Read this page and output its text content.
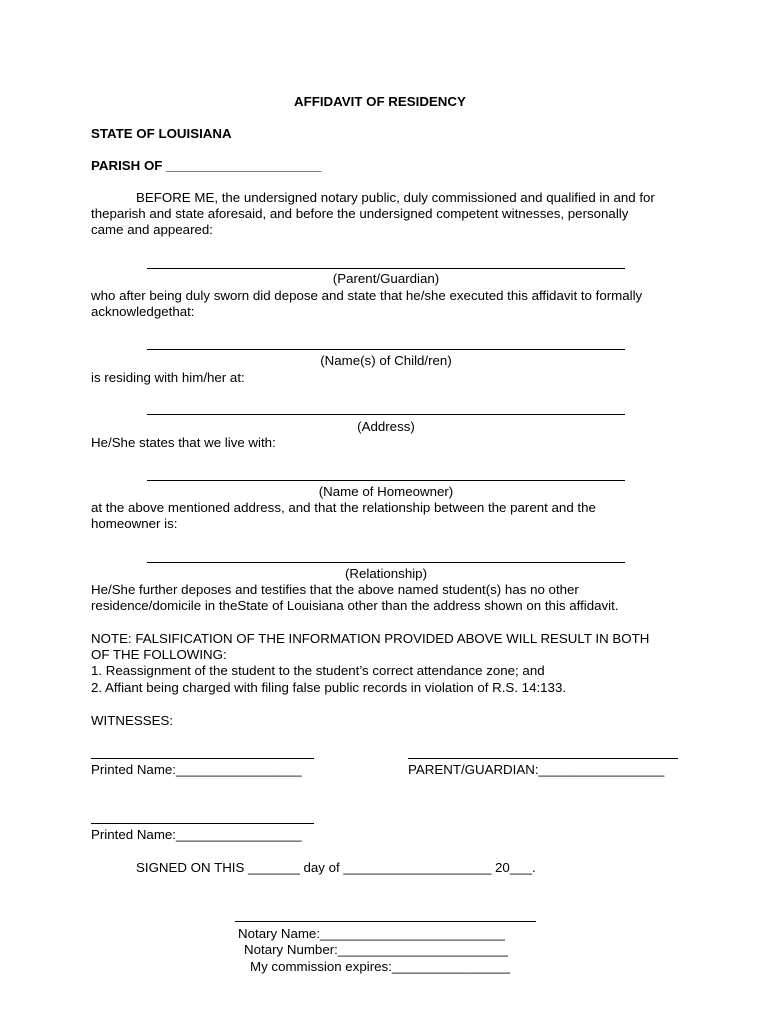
AFFIDAVIT OF RESIDENCY
STATE OF LOUISIANA
PARISH OF _____________________
BEFORE ME, the undersigned notary public, duly commissioned and qualified in and for
theparish and state aforesaid, and before the undersigned competent witnesses, personally
came and appeared:
(Parent/Guardian)
who after being duly sworn did depose and state that he/she executed this affidavit to formally
acknowledgethat:
(Name(s) of Child/ren)
is residing with him/her at:
(Address)
He/She states that we live with:
(Name of Homeowner)
at the above mentioned address, and that the relationship between the parent and the
homeowner is:
(Relationship)
He/She further deposes and testifies that the above named student(s) has no other
residence/domicile in theState of Louisiana other than the address shown on this affidavit.
NOTE: FALSIFICATION OF THE INFORMATION PROVIDED ABOVE WILL RESULT IN BOTH
OF THE FOLLOWING:
1. Reassignment of the student to the student’s correct attendance zone; and
2. Affiant being charged with filing false public records in violation of R.S. 14:133.
WITNESSES:
Printed Name:_________________	PARENT/GUARDIAN:_________________
Printed Name:_________________
SIGNED ON THIS _______ day of ____________________ 20___.
Notary Name:_________________________
Notary Number:_______________________
My commission expires:________________
